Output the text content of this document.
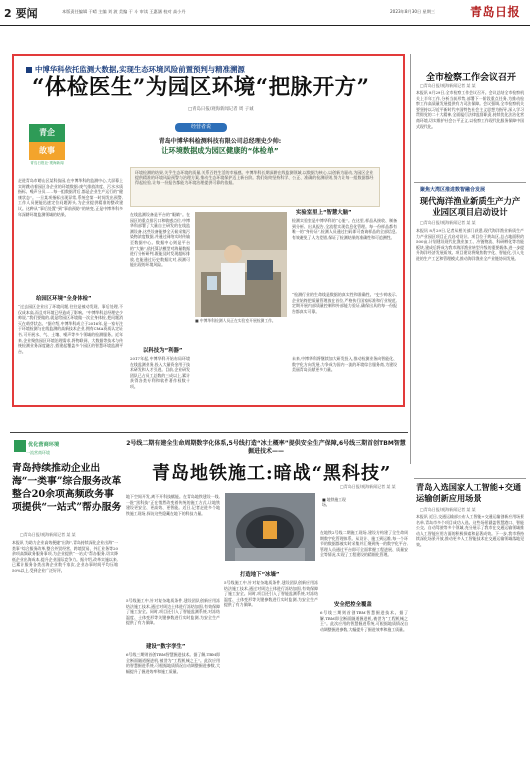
2 要闻	本版责任编辑 于晴 主编 刘 波 美编 于 斗 审读 王惠涵 校对 高小丹	2023年8月30日 星期三	青岛日报
中博华科依托监测大数据,实现生态环境风险前置预判与精准溯源
“体检医生”为园区环境“把脉开方”
□青岛日报/观海新闻记者 周 子诚
青企
故事
青岛日报社·观海新闻
经营者说
青岛中博华科检测科技有限公司总经理史少帅:
让环境数据成为园区健康的“体检单”
环境检测的结果,关乎生态环境的质量,关系百姓生活的幸福感。中博华科长期深耕在线监测领域,以数据为核心,以创新为驱动,为园区企业提供精准的环境风险预警与治理方案,推动生态环境保护迈上新台阶。我们始终坚持科学、公正、准确的检测原则,努力让每一组数据都经得起检验,让每一份报告都能为环境治理提供可靠的依据。
走进青岛市崂山区某科技园,在中博华科的监测中心,大屏幕上实时跳动着园区各企业的环境数据:废气排放浓度、污水水质指标、噪声分贝……每一组数据背后,都是企业生产运行的“健康状态”。一旦某项指标出现异常,系统会第一时间发出预警,工作人员便能迅速定位问题源头,为企业提供精准的整改建议。这种从“事后处置”到“事前预防”的转变,正是中博华科多年深耕环境监测领域的结果。
给园区环境“全身体检”
“过去园区企业出了环境问题,往往是被动发现、事后处理,不仅成本高,而且对环境已经造成了影响。”中博华科总经理史少帅说,“我们要做的,就是给园区环境做一次全身体检,把问题消灭在萌芽状态。”据介绍,中博华科成立于2016年,是一家专注于环境检测与在线监测的高新技术企业,拥有CMA资质认定证书,可开展水、气、土壤、噪声等多个领域的检测服务。近年来,企业聚焦园区环境治理需求,将物联网、大数据等技术与传统检测业务深度融合,搭建起覆盖多个园区的智慧环境监测平台。
在线监测设备是平台的“眼睛”。在园区的重点排污口和敏感点位,中博华科部署了大量自主研发的在线监测设备,这些设备能够全天候采集污染物浓度数据,并通过网络实时传输至数据中心。数据中心则是平台的“大脑”,依托算法模型对海量数据进行分析研判,既能及时发现超标排放,也能通过历史数据比对,预测可能出现的环境风险。
以科技为“利器”
2017年起,中博华科开始布局环境在线监测业务,投入大量资金用于技术研发和人才引进。目前,企业研发团队已占员工总数的三成以上,累计获得各类专利和软件著作权数十项。
■ 中博华科检测人员正在实验室开展检测工作。
实验室里上“智慧大脑”
检测实验室是中博华科的“心脏”。在这里,样品从接收、制备到分析、出具报告,全流程实现信息化管理。每一份样品都有唯一的“身份证”,检测人员通过扫码即可查询样品的全部信息,有效避免了人为差错,保证了检测结果的准确性和可追溯性。
“检测行业的生命线是数据的真实性和准确性。”史少帅表示,企业始终把质量管理放在首位,严格执行国家标准和行业规范,定期开展内部质量控制和外部能力验证,确保出具的每一份报告都真实可靠。
未来,中博华科将继续加大研发投入,推动检测业务向智能化、数字化方向发展,力争成为国内一流的环境综合服务商,为建设美丽青岛贡献更多力量。
全市检察工作会议召开
□青岛日报/观海新闻记者 某 某
本报讯 8月29日,全市检察工作会议召开。会议总结全市检察机关上半年工作,分析当前形势,部署下一阶段重点任务,为推动检察工作高质量发展提供有力司法保障。会议强调,全市检察机关要坚持以习近平新时代中国特色社会主义思想为指导,深入学习贯彻党的二十大精神,全面履行法律监督职责,持续优化法治化营商环境,切实维护社会公平正义,以检察工作现代化服务保障中国式现代化。
聚焦大湾区推进数智融合发展
现代海洋渔业新质生产力产业园区项目启动设计
□青岛日报/观海新闻记者 某 某
本报讯 8月29日,记者从相关部门获悉,现代海洋渔业新质生产力产业园区项目正式启动设计。项目位于黄岛区,总占地面积约500亩,计划建设现代化渔业加工、冷链物流、科研孵化等功能板块,建成后将成为我市海洋渔业转型升级的重要载体,进一步提升海洋经济发展质效。项目建设将聚焦数字化、智能化,引入先进的生产工艺和管理模式,推动海洋渔业全产业链协同发展。
青岛入选国家人工智能+交通运输创新应用场景
□青岛日报/观海新闻记者 某 某
本报讯 近日,交通运输部公布人工智能+交通运输创新应用场景名单,青岛市多个项目成功入选。这些场景涵盖智慧港口、智能公交、自动驾驶等多个领域,充分展示了我市在交通运输领域推动人工智能应用方面的积极探索和显著成效。下一步,我市将持续深化场景开放,推动更多人工智能技术在交通运输领域落地见效。
优化营商环境
一流营商环境
青岛持续推动企业出海“一类事”综合服务改革 整合20余项高频政务事项提供“一站式”帮办服务
□青岛日报/观海新闻记者 某 某
本报讯 为助力企业高效便捷“出海”,青岛持续深化企业出海“一类事”综合服务改革,整合外贸经营、跨境贸易、外汇业务等20余项高频政务服务事项,为企业提供“一站式”帮办服务,切实降低企业出海成本,提升企业国际竞争力。据介绍,改革实施以来,已累计服务各类出海企业数千家次,企业办事时间平均压缩50%以上,受到企业广泛好评。
2号线二期有建全生命周期数字化体系,5号线打造“冰土概率”提供安全生产保障,6号线三期首创TBM智慧掘进技术——
青岛地铁施工:暗战“黑科技”
□青岛日报/观海新闻记者 某 某
地下空间开发,离不开科技赋能。在青岛地铁建设一线,一批“黑科技”正在悄然改变着传统的施工方式,让地铁建设更安全、更高效、更智能。近日,记者走进多个地铁施工现场,探访这些隐藏在地下的科技力量。
■ 地铁施工现场。
在地铁2号线二期施工现场,建设方构建了全生命周期数字化管理体系。从设计、施工到运维,每一个环节的数据都被实时采集并汇聚到统一的数字化平台,管理人员通过平台即可全面掌握工程进展、质量安全等情况,实现了工程建设的精细化管理。
5号线施工中,针对复杂地质条件,建设团队创新应用冻结法施工技术,通过对周边土体进行冻结加固,有效保障了施工安全。同时,项目还引入了智能监测系统,对冻结温度、土体变形等关键参数进行实时监测,为安全生产提供了有力保障。
建设“数字孪生”
6号线三期则首创TBM智慧掘进技术。据了解,TBM即全断面隧道掘进机,被誉为“工程机械之王”。此次应用的智慧掘进系统,可根据地质情况自动调整掘进参数,大幅提升了掘进效率和施工质量。
打造地下“冰墙”
5号线施工中,针对复杂地质条件,建设团队创新应用冻结法施工技术,通过对周边土体进行冻结加固,有效保障了施工安全。同时,项目还引入了智能监测系统,对冻结温度、土体变形等关键参数进行实时监测,为安全生产提供了有力保障。	安全把控全覆盖
6号线三期则首创TBM智慧掘进技术。据了解,TBM即全断面隧道掘进机,被誉为“工程机械之王”。此次应用的智慧掘进系统,可根据地质情况自动调整掘进参数,大幅提升了掘进效率和施工质量。
